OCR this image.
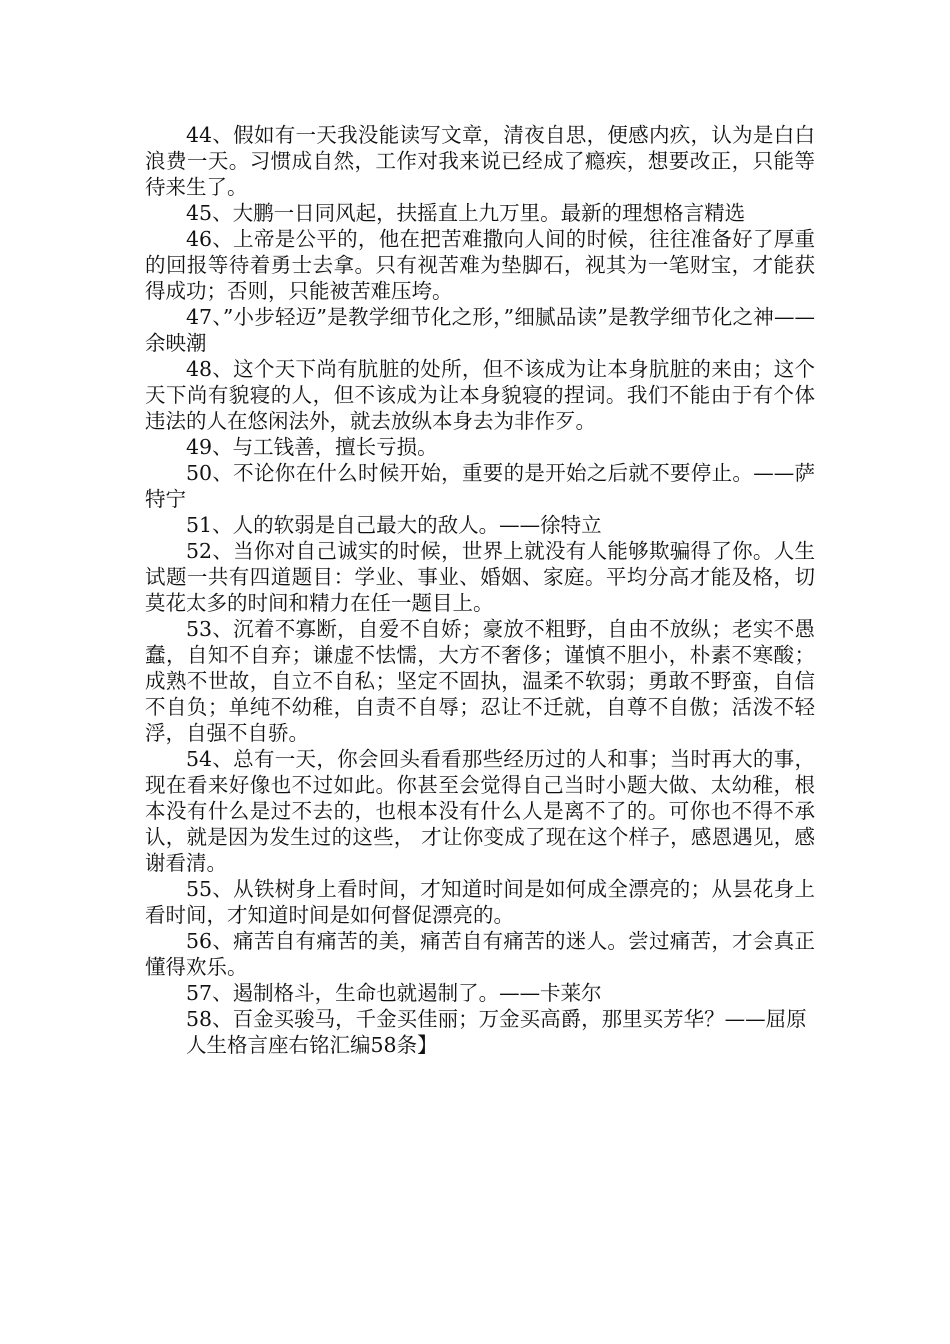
44、假如有一天我没能读写文章，清夜自思，便感内疚，认为是白白浪费一天。习惯成自然，工作对我来说已经成了瘾疾，想要改正，只能等待来生了。

45、大鹏一日同风起，扶摇直上九万里。最新的理想格言精选

46、上帝是公平的，他在把苦难撒向人间的时候，往往准备好了厚重的回报等待着勇士去拿。只有视苦难为垫脚石，视其为一笔财宝，才能获得成功；否则，只能被苦难压垮。

47、”小步轻迈”是教学细节化之形，”细腻品读”是教学细节化之神——余映潮

48、这个天下尚有肮脏的处所，但不该成为让本身肮脏的来由；这个天下尚有貌寝的人，但不该成为让本身貌寝的捏词。我们不能由于有个体违法的人在悠闲法外，就去放纵本身去为非作歹。

49、与工钱善，擅长亏损。

50、不论你在什么时候开始，重要的是开始之后就不要停止。——萨特宁

51、人的软弱是自己最大的敌人。——徐特立

52、当你对自己诚实的时候，世界上就没有人能够欺骗得了你。人生试题一共有四道题目：学业、事业、婚姻、家庭。平均分高才能及格，切莫花太多的时间和精力在任一题目上。

53、沉着不寡断，自爱不自娇；豪放不粗野，自由不放纵；老实不愚蠢，自知不自弃；谦虚不怯懦，大方不奢侈；谨慎不胆小，朴素不寒酸；成熟不世故，自立不自私；坚定不固执，温柔不软弱；勇敢不野蛮，自信不自负；单纯不幼稚，自责不自辱；忍让不迁就，自尊不自傲；活泼不轻浮，自强不自骄。

54、总有一天，你会回头看看那些经历过的人和事；当时再大的事，现在看来好像也不过如此。你甚至会觉得自己当时小题大做、太幼稚，根本没有什么是过不去的，也根本没有什么人是离不了的。可你也不得不承认，就是因为发生过的这些， 才让你变成了现在这个样子，感恩遇见，感谢看清。

55、从铁树身上看时间，才知道时间是如何成全漂亮的；从昙花身上看时间，才知道时间是如何督促漂亮的。

56、痛苦自有痛苦的美，痛苦自有痛苦的迷人。尝过痛苦，才会真正懂得欢乐。

57、遏制格斗，生命也就遏制了。——卡莱尔

58、百金买骏马，千金买佳丽；万金买高爵，那里买芳华？——屈原

人生格言座右铭汇编58条】
